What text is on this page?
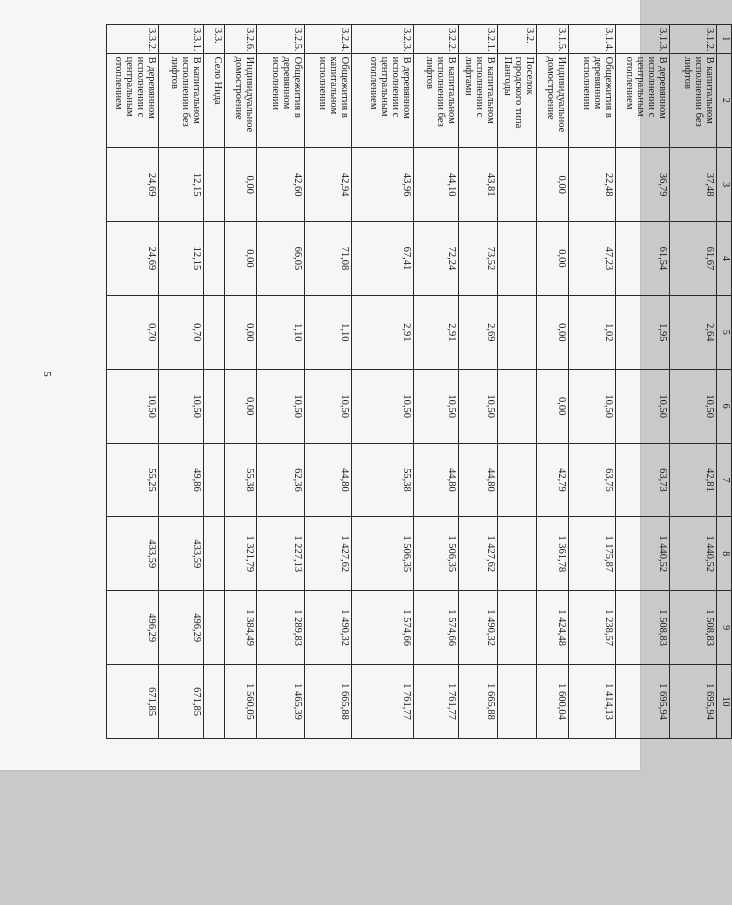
5
1	2	3	4	5	6	7	8	9	10
3.1.2.	В капитальном исполнении без лифтов	37,48	61,67	2,64	10,50	42,81	1 440,52	1 508,83	1 695,94
3.1.3.	В деревянном исполнении с центральным отоплением	36,79	61,54	1,95	10,50	63,73	1 440,52	1 508,83	1 695,94
3.1.4.	Общежития в деревянном исполнении	22,48	47,23	1,02	10,50	63,75	1 175,87	1 238,57	1 414,13
3.1.5.	Индивидуальное домостроение	0,00	0,00	0,00	0,00	42,79	1 361,78	1 424,48	1 600,04
3.2.	Поселок городского типа Пангоды								
3.2.1.	В капитальном исполнении с лифтами	43,81	73,52	2,69	10,50	44,80	1 427,62	1 490,32	1 665,88
3.2.2.	В капитальном исполнении без лифтов	44,10	72,24	2,91	10,50	44,80	1 506,35	1 574,66	1 761,77
3.2.3.	В деревянном исполнении с центральным отоплением	43,96	67,41	2,91	10,50	55,38	1 506,35	1 574,66	1 761,77
3.2.4.	Общежития в капитальном исполнении	42,94	71,08	1,10	10,50	44,80	1 427,62	1 490,32	1 665,88
3.2.5.	Общежития в деревянном исполнении	42,60	66,05	1,10	10,50	62,36	1 227,13	1 289,83	1 465,39
3.2.6.	Индивидуальное домостроение	0,00	0,00	0,00	0,00	55,38	1 321,79	1 384,49	1 560,05
3.3.	Село Нида								
3.3.1.	В капитальном исполнении без лифтов	12,15	12,15	0,70	10,50	49,86	433,59	496,29	671,85
3.3.2.	В деревянном исполнении с центральным отоплением	24,69	24,69	0,70	10,50	55,25	433,59	496,29	671,85
